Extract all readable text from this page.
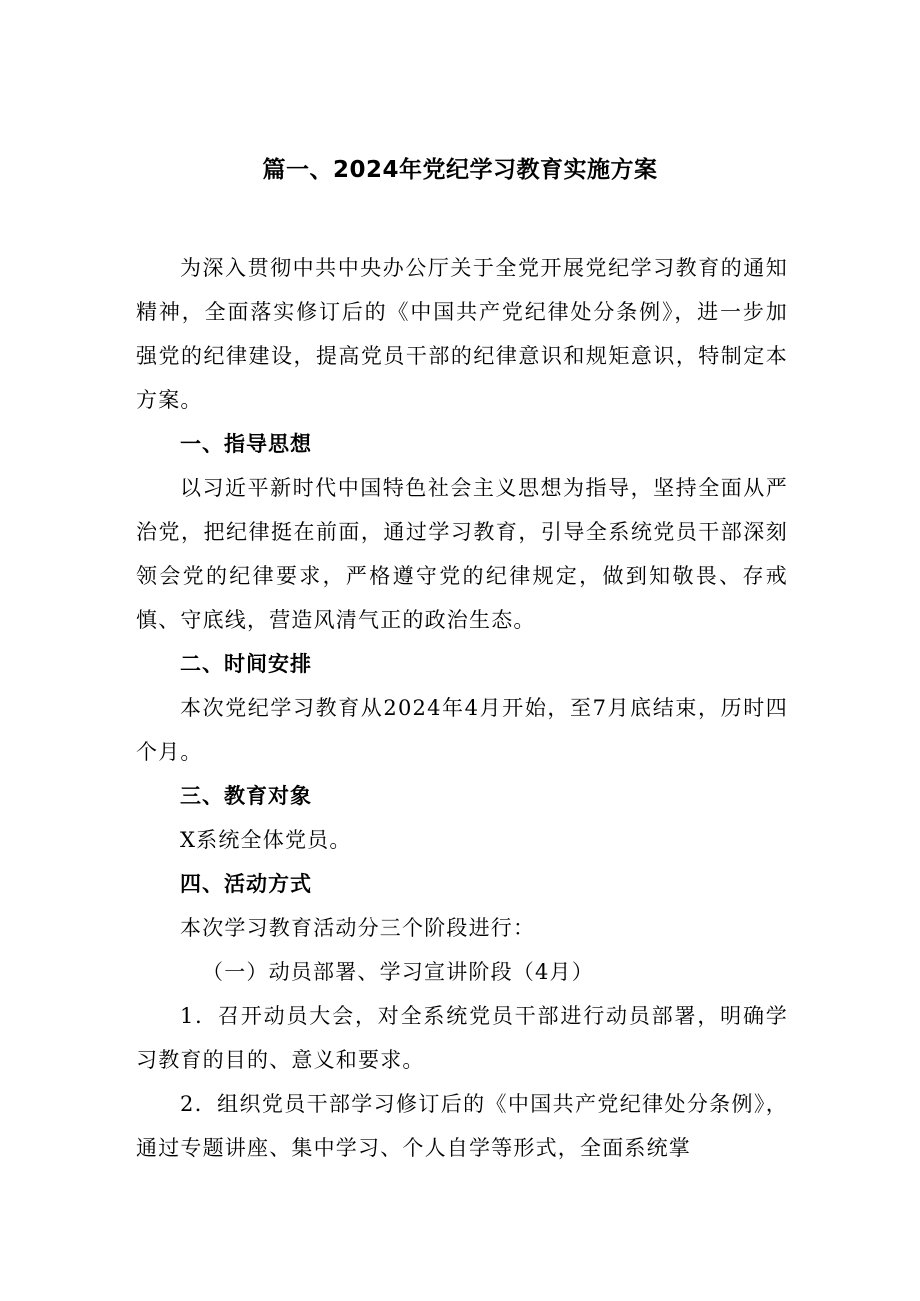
篇一、2024年党纪学习教育实施方案

为深入贯彻中共中央办公厅关于全党开展党纪学习教育的通知精神，全面落实修订后的《中国共产党纪律处分条例》，进一步加强党的纪律建设，提高党员干部的纪律意识和规矩意识，特制定本方案。

一、指导思想

以习近平新时代中国特色社会主义思想为指导，坚持全面从严治党，把纪律挺在前面，通过学习教育，引导全系统党员干部深刻领会党的纪律要求，严格遵守党的纪律规定，做到知敬畏、存戒慎、守底线，营造风清气正的政治生态。

二、时间安排

本次党纪学习教育从2024年4月开始，至7月底结束，历时四个月。

三、教育对象

X系统全体党员。

四、活动方式

本次学习教育活动分三个阶段进行：

（一）动员部署、学习宣讲阶段（4月）

1．召开动员大会，对全系统党员干部进行动员部署，明确学习教育的目的、意义和要求。

2．组织党员干部学习修订后的《中国共产党纪律处分条例》，通过专题讲座、集中学习、个人自学等形式，全面系统掌
